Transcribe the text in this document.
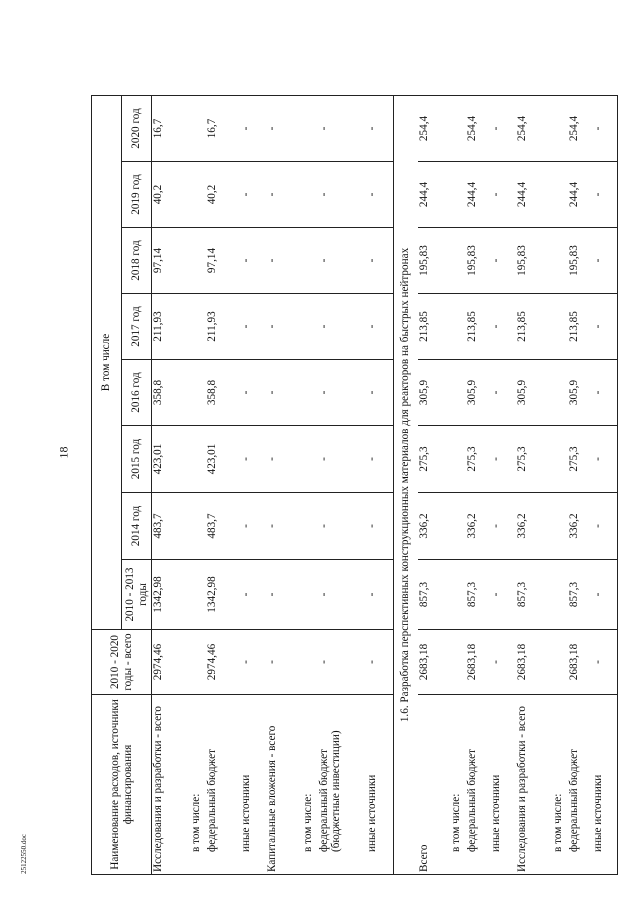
18
25122550.doc	Наименование расходов, источники финансирования	2010 - 2020 годы - всего	В том числе							
		2010 - 2013 годы	2014 год	2015 год	2016 год	2017 год	2018 год	2019 год	2020 год
Исследования и разработки - всего	2974,46	1342,98	483,7	423,01	358,8	211,93	97,14	40,2	16,7
в том числе:									
федеральный бюджет	2974,46	1342,98	483,7	423,01	358,8	211,93	97,14	40,2	16,7
иные источники	-	-	-	-	-	-	-	-	-
Капитальные вложения - всего	-	-	-	-	-	-	-	-	-
в том числе:									
федеральный бюджет (бюджетные инвестиции)	-	-	-	-	-	-	-	-	-
иные источники	-	-	-	-	-	-	-	-	-
1.6. Разработка перспективных конструкционных материалов для реакторов на быстрых нейтронах									
Всего	2683,18	857,3	336,2	275,3	305,9	213,85	195,83	244,4	254,4
в том числе:									
федеральный бюджет	2683,18	857,3	336,2	275,3	305,9	213,85	195,83	244,4	254,4
иные источники	-	-	-	-	-	-	-	-	-
Исследования и разработки - всего	2683,18	857,3	336,2	275,3	305,9	213,85	195,83	244,4	254,4
в том числе:									
федеральный бюджет	2683,18	857,3	336,2	275,3	305,9	213,85	195,83	244,4	254,4
иные источники	-	-	-	-	-	-	-	-	-
